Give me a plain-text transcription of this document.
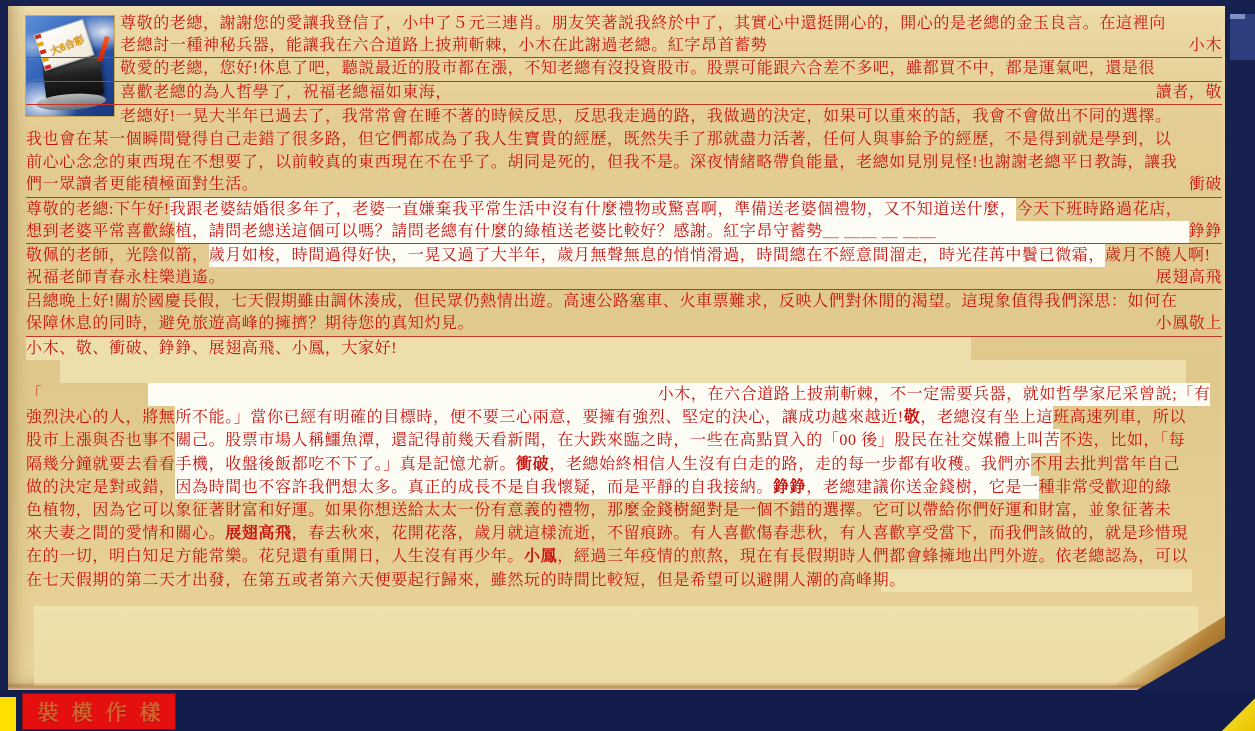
大6合彩
尊敬的老總，謝謝您的愛讓我登信了，小中了５元三連肖。朋友笑著説我終於中了，其實心中還挺開心的，開心的是老總的金玉良言。在這裡向
老總討一種神秘兵器，能讓我在六合道路上披荊斬棘，小木在此謝過老總。紅字昂首蓄勢	小木
敬愛的老總，您好!休息了吧，聽説最近的股市都在漲，不知老總有沒投資股市。股票可能跟六合差不多吧，雖都買不中，都是運氣吧，還是很
喜歡老總的為人哲學了，祝福老總福如東海，	讀者，敬
老總好!一晃大半年已過去了，我常常會在睡不著的時候反思，反思我走過的路，我做過的決定，如果可以重來的話，我會不會做出不同的選擇。
我也會在某一個瞬間覺得自己走錯了很多路，但它們都成為了我人生寶貴的經歷，既然失手了那就盡力活著，任何人與事給予的經歷，不是得到就是學到，以
前心心念念的東西現在不想要了，以前較真的東西現在不在乎了。胡同是死的，但我不是。深夜情緒略帶負能量，老總如見別見怪!也謝謝老總平日教誨，讓我
們一眾讀者更能積極面對生活。	衝破
尊敬的老總:下午好! 我跟老婆結婚很多年了，老婆一直嫌棄我平常生活中沒有什麼禮物或驚喜啊，準備送老婆個禮物，又不知道送什麼， 今天下班時路過花店，
想到老婆平常喜歡綠 植，請問老總送這個可以嗎？請問老總有什麼的綠植送老婆比較好？感謝。紅字昂守蓄勢 ＿ ＿＿ ＿ ＿＿	錚錚
敬佩的老師，光陰似箭， 歲月如梭，時間過得好快，一晃又過了大半年，歲月無聲無息的悄悄滑過，時間總在不經意間溜走，時光荏苒中鬢已微霜， 歲月不饒人啊!
祝福老師青春永柱樂逍遙。	展翅高飛
呂總晚上好!關於國慶長假，七天假期雖由調休湊成，但民眾仍熱情出遊。高速公路塞車、火車票難求，反映人們對休閒的渴望。這現象值得我們深思：如何在
保障休息的同時，避免旅遊高峰的擁擠？期待您的真知灼見。	小鳳敬上
小木、敬、衝破、錚錚、展翅高飛、小鳳，大家好!
「	小木，在六合道路上披荊斬棘，不一定需要兵器，就如哲學家尼采曾説;「有
強烈決心的人，將無 所不能。」當你已經有明確的目標時，便不要三心兩意，要擁有強烈、堅定的決心，讓成功越來越近! 敬 ，老總沒有坐上這 班高速列車，所以
股市上漲與否也事不 關己。股票市場人稱鱷魚潭，還記得前幾天看新聞，在大跌來臨之時，一些在高點買入的「00 後」股民在社交媒體上叫苦 不迭，比如，「每
隔幾分鐘就要去看看 手機，收盤後飯都吃不下了。」真是記憶尤新。 衝破 ，老總始終相信人生沒有白走的路，走的每一步都有收穫。我們亦 不用去批判當年自己
做的決定是對或錯， 因為時間也不容許我們想太多。真正的成長不是自我懷疑，而是平靜的自我接納。 錚錚 ，老總建議你送金錢樹，它是一 種非常受歡迎的綠
色植物，因為它可以象征著財富和好運。如果你想送給太太一份有意義的禮物，那麼金錢樹絕對是一個不錯的選擇。它可以帶給你們好運和財富，並象征著未
來夫妻之間的愛情和關心。 展翅高飛 ，春去秋來，花開花落，歲月就這樣流逝，不留痕跡。有人喜歡傷春悲秋，有人喜歡享受當下，而我們該做的，就是珍惜現
在的一切，明白知足方能常樂。花兒還有重開日，人生沒有再少年。 小鳳 ，經過三年疫情的煎熬，現在有長假期時人們都會蜂擁地出門外遊。依老總認為，可以
在七天假期的第二天才出發，在第五或者第六天便要起行歸來，雖然玩的時間比較短，但是希望可以避開人潮的高峰期。
裝模作樣
